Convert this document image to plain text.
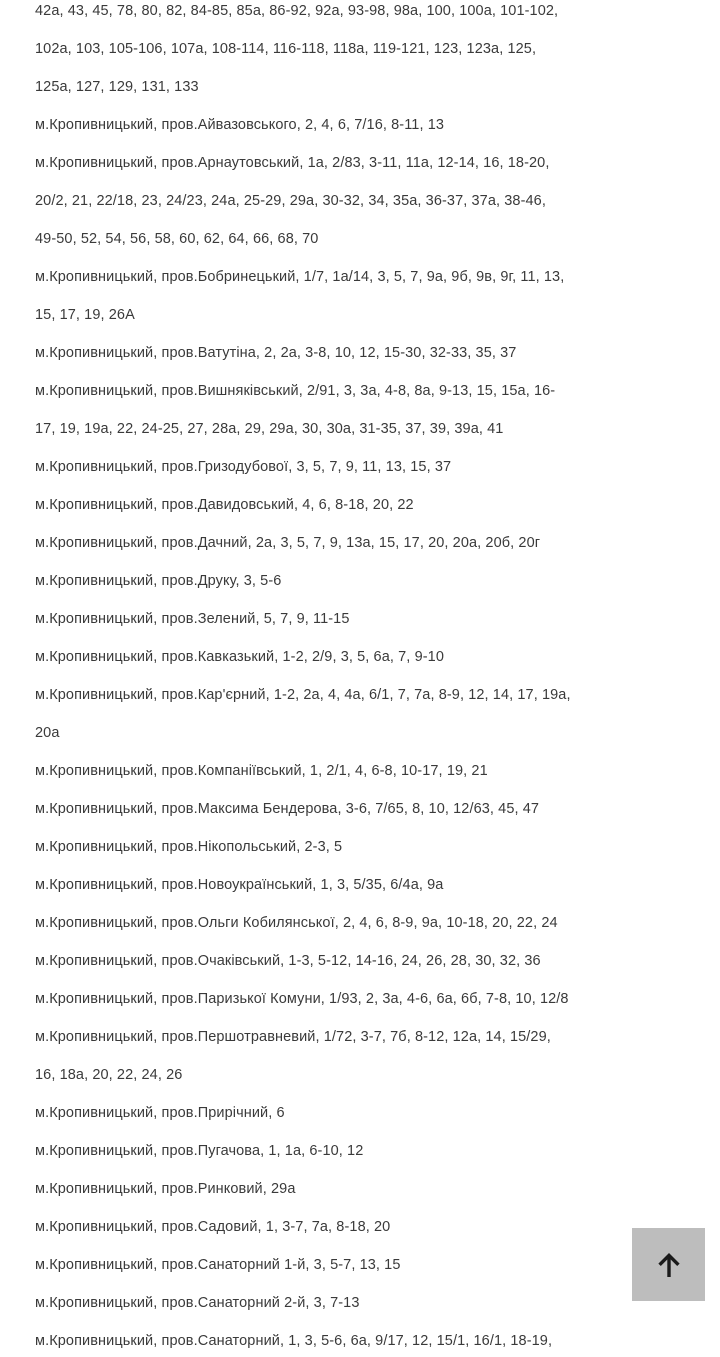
42а, 43, 45, 78, 80, 82, 84-85, 85а, 86-92, 92а, 93-98, 98а, 100, 100а, 101-102,
102а, 103, 105-106, 107а, 108-114, 116-118, 118а, 119-121, 123, 123а, 125,
125а, 127, 129, 131, 133
м.Кропивницький, пров.Айвазовського, 2, 4, 6, 7/16, 8-11, 13
м.Кропивницький, пров.Арнаутовський, 1а, 2/83, 3-11, 11а, 12-14, 16, 18-20,
20/2, 21, 22/18, 23, 24/23, 24а, 25-29, 29а, 30-32, 34, 35а, 36-37, 37а, 38-46,
49-50, 52, 54, 56, 58, 60, 62, 64, 66, 68, 70
м.Кропивницький, пров.Бобринецький, 1/7, 1а/14, 3, 5, 7, 9а, 9б, 9в, 9г, 11, 13,
15, 17, 19, 26А
м.Кропивницький, пров.Ватутіна, 2, 2а, 3-8, 10, 12, 15-30, 32-33, 35, 37
м.Кропивницький, пров.Вишняківський, 2/91, 3, 3а, 4-8, 8а, 9-13, 15, 15а, 16-
17, 19, 19а, 22, 24-25, 27, 28а, 29, 29а, 30, 30а, 31-35, 37, 39, 39а, 41
м.Кропивницький, пров.Гризодубової, 3, 5, 7, 9, 11, 13, 15, 37
м.Кропивницький, пров.Давидовський, 4, 6, 8-18, 20, 22
м.Кропивницький, пров.Дачний, 2а, 3, 5, 7, 9, 13а, 15, 17, 20, 20а, 20б, 20г
м.Кропивницький, пров.Друку, 3, 5-6
м.Кропивницький, пров.Зелений, 5, 7, 9, 11-15
м.Кропивницький, пров.Кавказький, 1-2, 2/9, 3, 5, 6а, 7, 9-10
м.Кропивницький, пров.Кар'єрний, 1-2, 2а, 4, 4а, 6/1, 7, 7а, 8-9, 12, 14, 17, 19а,
20а
м.Кропивницький, пров.Компаніївський, 1, 2/1, 4, 6-8, 10-17, 19, 21
м.Кропивницький, пров.Максима Бендерова, 3-6, 7/65, 8, 10, 12/63, 45, 47
м.Кропивницький, пров.Нікопольський, 2-3, 5
м.Кропивницький, пров.Новоукраїнський, 1, 3, 5/35, 6/4а, 9а
м.Кропивницький, пров.Ольги Кобилянської, 2, 4, 6, 8-9, 9а, 10-18, 20, 22, 24
м.Кропивницький, пров.Очаківський, 1-3, 5-12, 14-16, 24, 26, 28, 30, 32, 36
м.Кропивницький, пров.Паризької Комуни, 1/93, 2, 3а, 4-6, 6а, 6б, 7-8, 10, 12/8
м.Кропивницький, пров.Першотравневий, 1/72, 3-7, 7б, 8-12, 12а, 14, 15/29,
16, 18а, 20, 22, 24, 26
м.Кропивницький, пров.Прирічний, 6
м.Кропивницький, пров.Пугачова, 1, 1а, 6-10, 12
м.Кропивницький, пров.Ринковий, 29а
м.Кропивницький, пров.Садовий, 1, 3-7, 7а, 8-18, 20
м.Кропивницький, пров.Санаторний 1-й, 3, 5-7, 13, 15
м.Кропивницький, пров.Санаторний 2-й, 3, 7-13
м.Кропивницький, пров.Санаторний, 1, 3, 5-6, 6а, 9/17, 12, 15/1, 16/1, 18-19,
